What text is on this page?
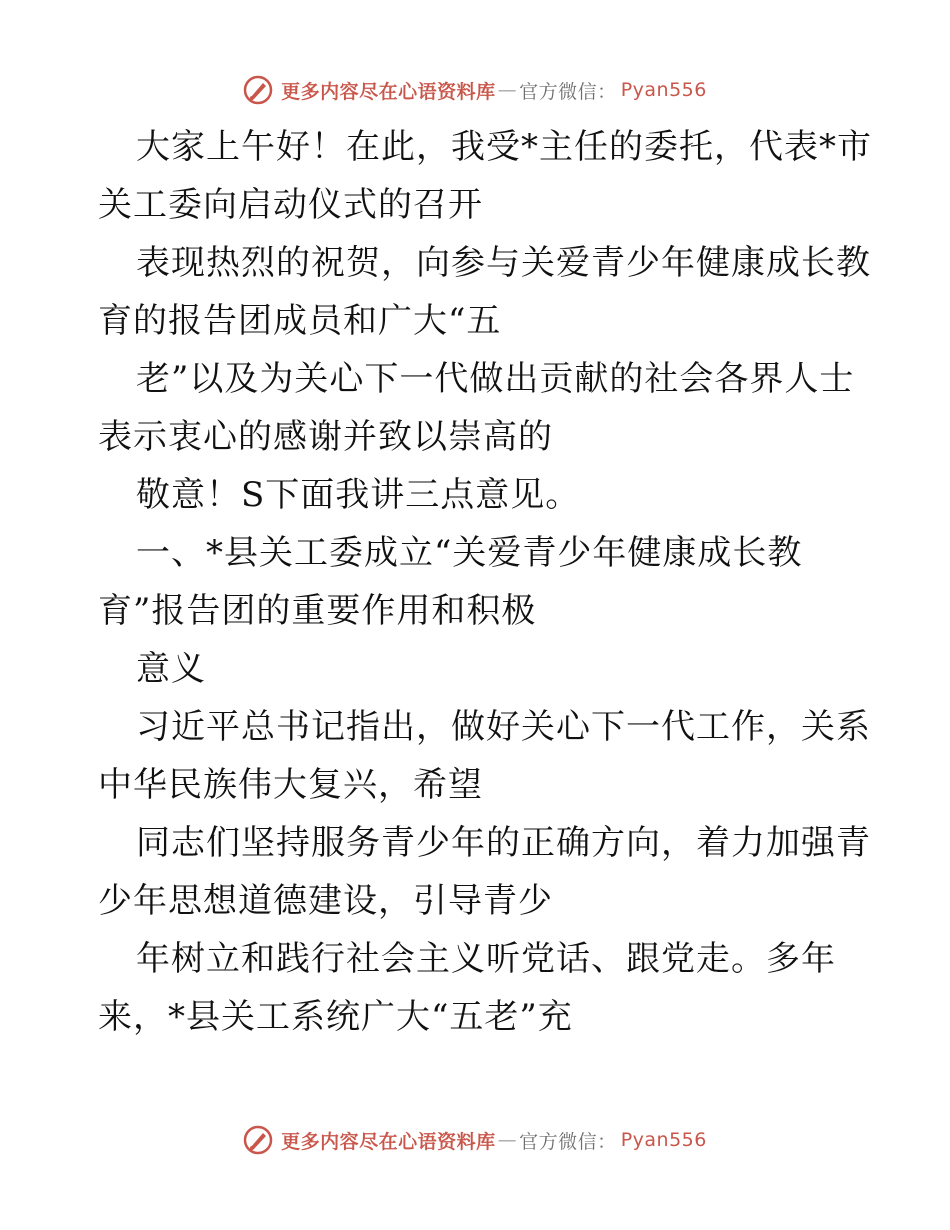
更多内容尽在心语资料库 — 官方微信： Pyan556
大家上午好！在此，我受*主任的委托，代表*市
关工委向启动仪式的召开
表现热烈的祝贺，向参与关爱青少年健康成长教
育的报告团成员和广大“五
老”以及为关心下一代做出贡献的社会各界人士
表示衷心的感谢并致以崇高的
敬意！S下面我讲三点意见。
一、*县关工委成立“关爱青少年健康成长教
育”报告团的重要作用和积极
意义
习近平总书记指出，做好关心下一代工作，关系
中华民族伟大复兴，希望
同志们坚持服务青少年的正确方向，着力加强青
少年思想道德建设，引导青少
年树立和践行社会主义听党话、跟党走。多年
来，*县关工系统广大“五老”充
更多内容尽在心语资料库 — 官方微信： Pyan556
